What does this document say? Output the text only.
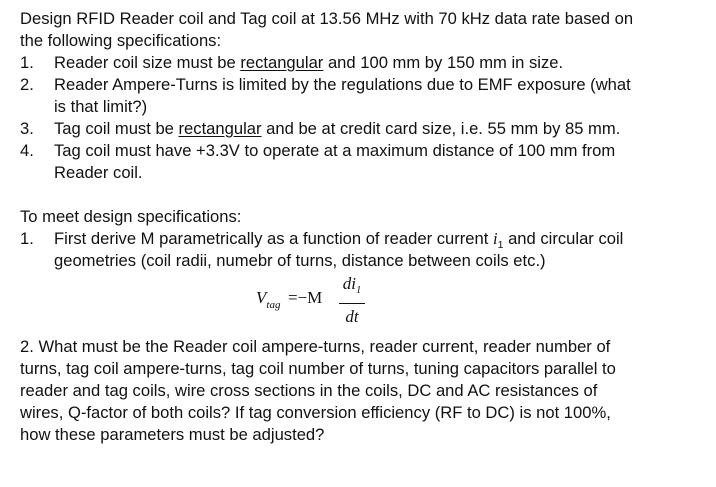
Design RFID Reader coil and Tag coil at 13.56 MHz with 70 kHz data rate based on
the following specifications:
1.	Reader coil size must be rectangular and 100 mm by 150 mm in size.
2.	Reader Ampere-Turns is limited by the regulations due to EMF exposure (what
is that limit?)
3.	Tag coil must be rectangular and be at credit card size, i.e. 55 mm by 85 mm.
4.	Tag coil must have +3.3V to operate at a maximum distance of 100 mm from
Reader coil.
To meet design specifications:
1.	First derive M parametrically as a function of reader current $i_1$ and circular coil
geometries (coil radii, numebr of turns, distance between coils etc.)
$V_{tag} =-M$
$di_1$
dt
2. What must be the Reader coil ampere-turns, reader current, reader number of
turns, tag coil ampere-turns, tag coil number of turns, tuning capacitors parallel to
reader and tag coils, wire cross sections in the coils, DC and AC resistances of
wires, Q-factor of both coils? If tag conversion efficiency (RF to DC) is not 100%,
how these parameters must be adjusted?
